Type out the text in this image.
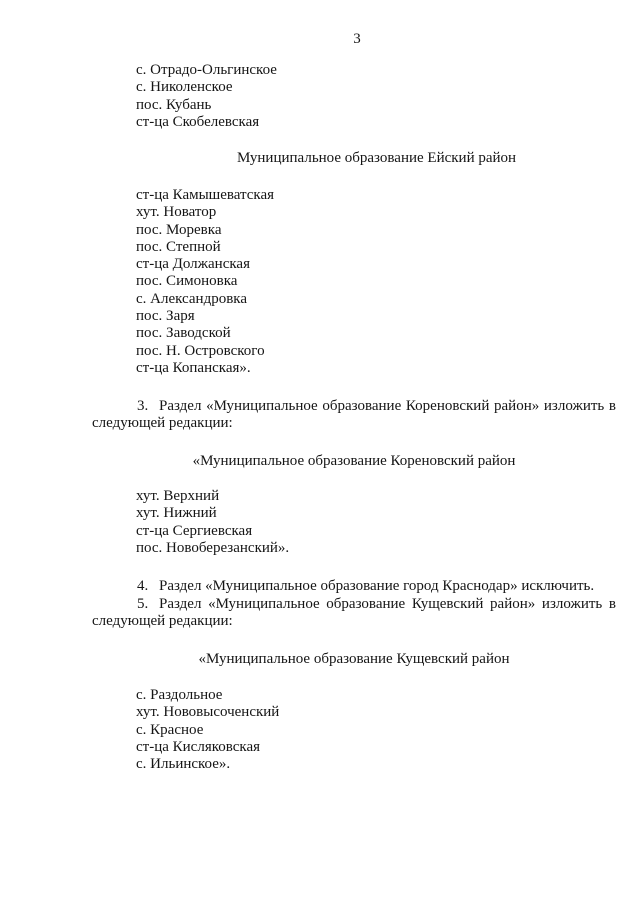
3
с. Отрадо-Ольгинское
с. Николенское
пос. Кубань
ст-ца Скобелевская
Муниципальное образование Ейский район
ст-ца Камышеватская
хут. Новатор
пос. Моревка
пос. Степной
ст-ца Должанская
пос. Симоновка
с. Александровка
пос. Заря
пос. Заводской
пос. Н. Островского
ст-ца Копанская».
3. Раздел «Муниципальное образование Кореновский район» изложить в
следующей редакции:
«Муниципальное образование Кореновский район
хут. Верхний
хут. Нижний
ст-ца Сергиевская
пос. Новоберезанский».
4. Раздел «Муниципальное образование город Краснодар» исключить.
5. Раздел «Муниципальное образование Кущевский район» изложить в
следующей редакции:
«Муниципальное образование Кущевский район
с. Раздольное
хут. Нововысоченский
с. Красное
ст-ца Кисляковская
с. Ильинское».
